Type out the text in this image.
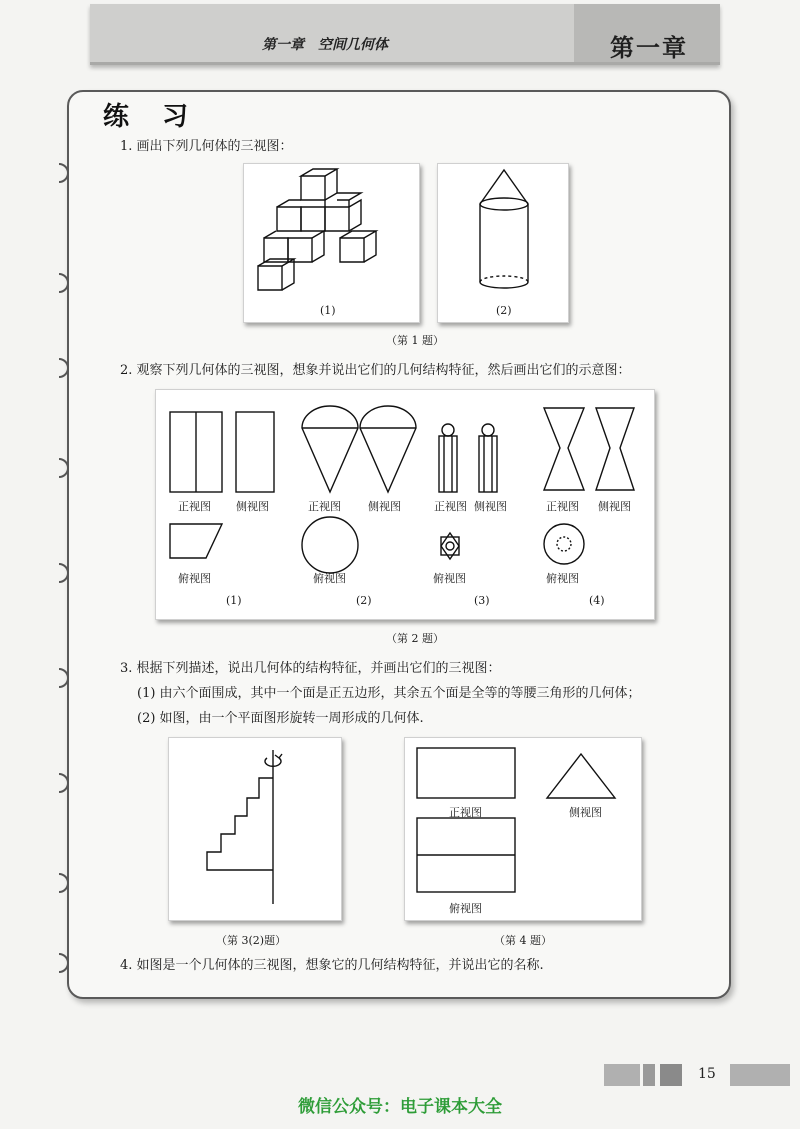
第一章　空间几何体	第一章
练 习
1. 画出下列几何体的三视图：
(1)	(2)
（第 1 题）
2. 观察下列几何体的三视图，想象并说出它们的几何结构特征，然后画出它们的示意图：
正视图 侧视图
俯视图
(1)
正视图 侧视图
俯视图
(2)
正视图 侧视图
俯视图
(3)
正视图 侧视图
俯视图
(4)
（第 2 题）
3. 根据下列描述，说出几何体的结构特征，并画出它们的三视图：
(1) 由六个面围成，其中一个面是正五边形，其余五个面是全等的等腰三角形的几何体；
(2) 如图，由一个平面图形旋转一周形成的几何体.
正视图	侧视图
俯视图
（第 3(2)题）	（第 4 题）
4. 如图是一个几何体的三视图，想象它的几何结构特征，并说出它的名称.
15
微信公众号：电子课本大全
